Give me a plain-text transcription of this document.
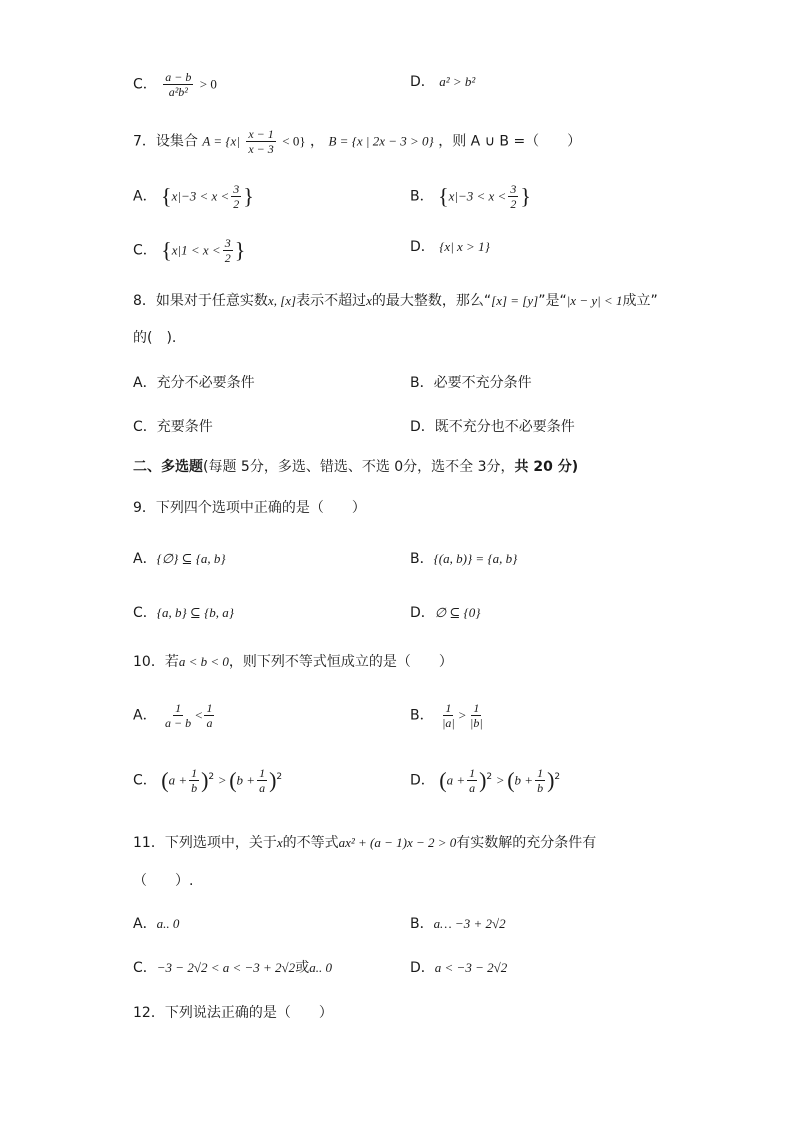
C． $\frac{a - b}{\text{a²b²}} > 0$	D． a² > b²
7．设集合 $A = \{x| \frac{x - 1}{x - 3} < 0\}$ ， B = {x | 2x − 3 > 0} ，则 A ∪ B =（　　）
A． {$x|-3 < x < \frac{3}{2}$ }	B． {$x|-3 < x < \frac{3}{2}$ }
C． {$x|1 < x < \frac{3}{2}$ }	D． {x| x > 1}
8．如果对于任意实数x, [x]表示不超过x的最大整数，那么“[x] = [y]”是“|x − y| < 1成立”
的(　).
A．充分不必要条件	B．必要不充分条件
C．充要条件	D．既不充分也不必要条件
二、多选题(每题 5分，多选、错选、不选 0分，选不全 3分，共 20 分)
9．下列四个选项中正确的是（　　）
A．{∅} ⊆ {a, b}	B．{(a, b)} = {a, b}
C．{a, b} ⊆ {b, a}	D．∅ ⊆ {0}
10．若a < b < 0，则下列不等式恒成立的是（　　）
A． $\frac{1}{a - b} < \frac{1}{a}$	B． $\frac{1}{|a|} > \frac{1}{|b|}$
C． $(a + \frac{1}{b} )^2 > (b + \frac{1}{a} )^2$	D． $(a + \frac{1}{a} )^2 > (b + \frac{1}{b} )^2$
11．下列选项中，关于x的不等式ax² + (a − 1)x − 2 > 0有实数解的充分条件有
（　　）.
A．a.. 0	B．a… −3 + 2√2
C．−3 − 2√2 < a < −3 + 2√2或a.. 0	D．a < −3 − 2√2
12．下列说法正确的是（　　）
